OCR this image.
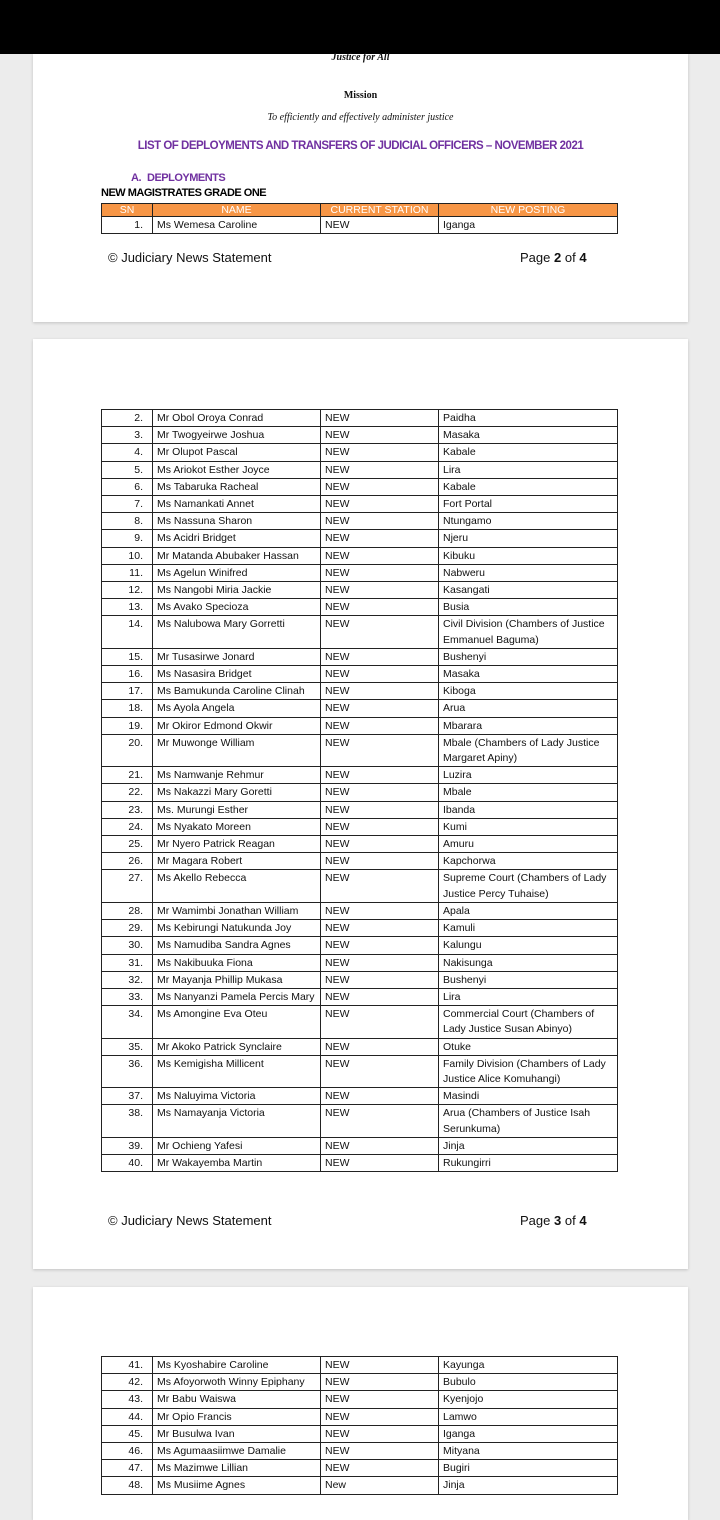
Justice for All
Mission
To efficiently and effectively administer justice
LIST OF DEPLOYMENTS AND TRANSFERS OF JUDICIAL OFFICERS – NOVEMBER 2021
A. DEPLOYMENTS
NEW MAGISTRATES GRADE ONE
SN	NAME	CURRENT STATION	NEW POSTING
1.	Ms Wemesa Caroline	NEW	Iganga
© Judiciary News Statement	Page 2 of 4
2.	Mr Obol Oroya Conrad	NEW	Paidha
3.	Mr Twogyeirwe Joshua	NEW	Masaka
4.	Mr Olupot Pascal	NEW	Kabale
5.	Ms Ariokot Esther Joyce	NEW	Lira
6.	Ms Tabaruka Racheal	NEW	Kabale
7.	Ms Namankati Annet	NEW	Fort Portal
8.	Ms Nassuna Sharon	NEW	Ntungamo
9.	Ms Acidri Bridget	NEW	Njeru
10.	Mr Matanda Abubaker Hassan	NEW	Kibuku
11.	Ms Agelun Winifred	NEW	Nabweru
12.	Ms Nangobi Miria Jackie	NEW	Kasangati
13.	Ms Avako Specioza	NEW	Busia
14.	Ms Nalubowa Mary Gorretti	NEW	Civil Division (Chambers of Justice Emmanuel Baguma)
15.	Mr Tusasirwe Jonard	NEW	Bushenyi
16.	Ms Nasasira Bridget	NEW	Masaka
17.	Ms Bamukunda Caroline Clinah	NEW	Kiboga
18.	Ms Ayola Angela	NEW	Arua
19.	Mr Okiror Edmond Okwir	NEW	Mbarara
20.	Mr Muwonge William	NEW	Mbale (Chambers of Lady Justice Margaret Apiny)
21.	Ms Namwanje Rehmur	NEW	Luzira
22.	Ms Nakazzi Mary Goretti	NEW	Mbale
23.	Ms. Murungi Esther	NEW	Ibanda
24.	Ms Nyakato Moreen	NEW	Kumi
25.	Mr Nyero Patrick Reagan	NEW	Amuru
26.	Mr Magara Robert	NEW	Kapchorwa
27.	Ms Akello Rebecca	NEW	Supreme Court (Chambers of Lady Justice Percy Tuhaise)
28.	Mr Wamimbi Jonathan William	NEW	Apala
29.	Ms Kebirungi Natukunda Joy	NEW	Kamuli
30.	Ms Namudiba Sandra Agnes	NEW	Kalungu
31.	Ms Nakibuuka Fiona	NEW	Nakisunga
32.	Mr Mayanja Phillip Mukasa	NEW	Bushenyi
33.	Ms Nanyanzi Pamela Percis Mary	NEW	Lira
34.	Ms Amongine Eva Oteu	NEW	Commercial Court (Chambers of Lady Justice Susan Abinyo)
35.	Mr Akoko Patrick Synclaire	NEW	Otuke
36.	Ms Kemigisha Millicent	NEW	Family Division (Chambers of Lady Justice Alice Komuhangi)
37.	Ms Naluyima Victoria	NEW	Masindi
38.	Ms Namayanja Victoria	NEW	Arua (Chambers of Justice Isah Serunkuma)
39.	Mr Ochieng Yafesi	NEW	Jinja
40.	Mr Wakayemba Martin	NEW	Rukungirri
© Judiciary News Statement	Page 3 of 4
41.	Ms Kyoshabire Caroline	NEW	Kayunga
42.	Ms Afoyorwoth Winny Epiphany	NEW	Bubulo
43.	Mr Babu Waiswa	NEW	Kyenjojo
44.	Mr Opio Francis	NEW	Lamwo
45.	Mr Busulwa Ivan	NEW	Iganga
46.	Ms Agumaasiimwe Damalie	NEW	Mityana
47.	Ms Mazimwe Lillian	NEW	Bugiri
48.	Ms Musiime Agnes	New	Jinja
